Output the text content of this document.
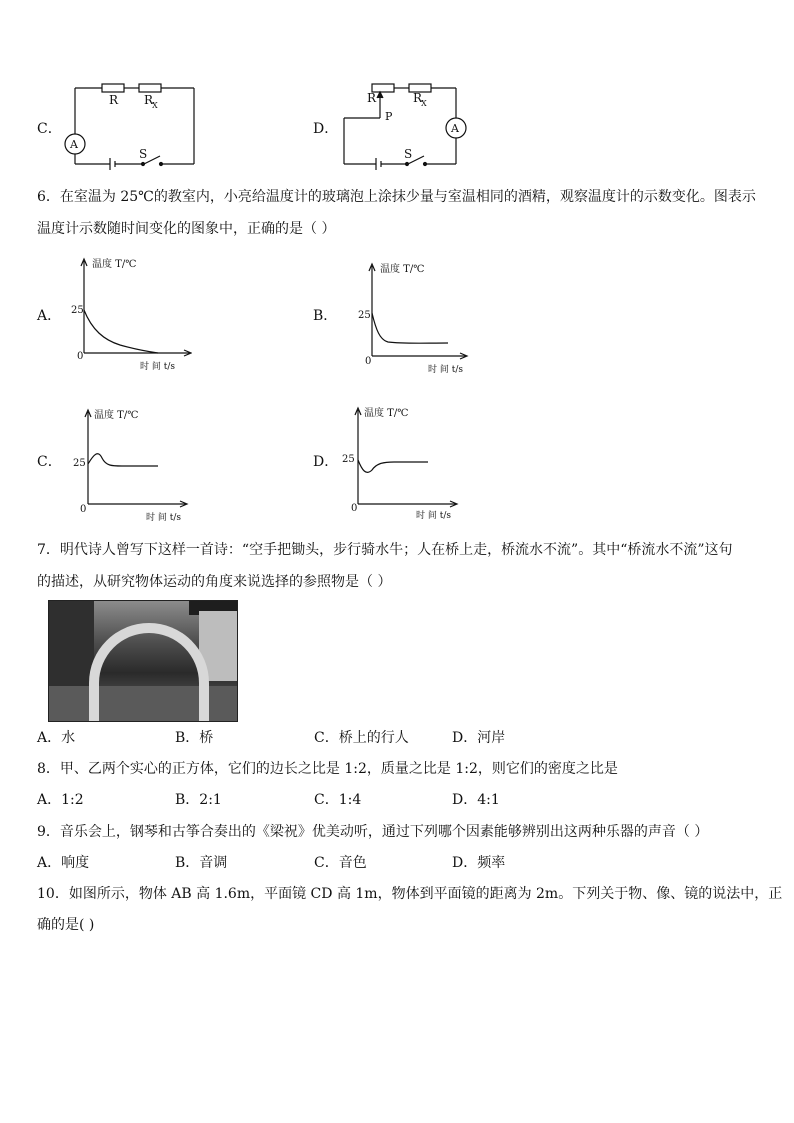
C．
R R
X
A
S
D．
R
P
R
X
A
S
6．在室温为 25℃的教室内，小亮给温度计的玻璃泡上涂抹少量与室温相同的酒精，观察温度计的示数变化。图表示
温度计示数随时间变化的图象中，正确的是（ ）
A．
温度 T/℃
25
0
时 间 t/s
B．
温度 T/℃
25
0
时 间 t/s
C．
温度 T/℃
25
0
时 间 t/s
D．
温度 T/℃
25
0
时 间 t/s
7．明代诗人曾写下这样一首诗：“空手把锄头，步行骑水牛；人在桥上走，桥流水不流”。其中“桥流水不流”这句
的描述，从研究物体运动的角度来说选择的参照物是（ ）
A．水	B．桥	C．桥上的行人	D．河岸
8．甲、乙两个实心的正方体，它们的边长之比是 1:2，质量之比是 1:2，则它们的密度之比是
A．1:2	B．2:1	C．1:4	D．4:1
9．音乐会上，钢琴和古筝合奏出的《梁祝》优美动听，通过下列哪个因素能够辨别出这两种乐器的声音（ ）
A．响度	B．音调	C．音色	D．频率
10．如图所示，物体 AB 高 1.6m，平面镜 CD 高 1m，物体到平面镜的距离为 2m。下列关于物、像、镜的说法中，正
确的是( )
